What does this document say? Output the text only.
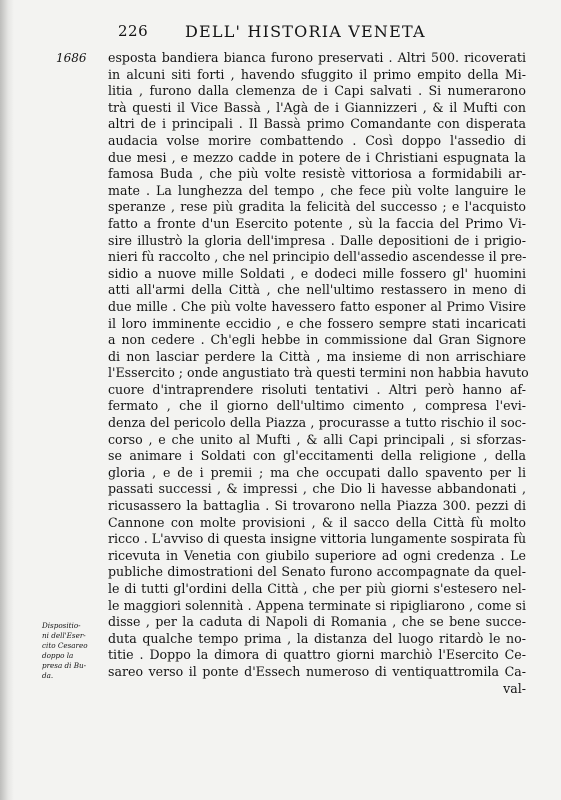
226 DELL' HISTORIA VENETA
1686 esposta bandiera bianca furono preservati . Altri 500. ricoverati
in alcuni siti forti , havendo sfuggito il primo empito della Mi-
litia , furono dalla clemenza de i Capi salvati . Si numerarono
trà questi il Vice Bassà , l'Agà de i Giannizzeri , & il Mufti con
altri de i principali . Il Bassà primo Comandante con disperata
audacia volse morire combattendo . Così doppo l'assedio di
due mesi , e mezzo cadde in potere de i Christiani espugnata la
famosa Buda , che più volte resistè vittoriosa a formidabili ar-
mate . La lunghezza del tempo , che fece più volte languire le
speranze , rese più gradita la felicità del successo ; e l'acquisto
fatto a fronte d'un Esercito potente , sù la faccia del Primo Vi-
sire illustrò la gloria dell'impresa . Dalle depositioni de i prigio-
nieri fù raccolto , che nel principio dell'assedio ascendesse il pre-
sidio a nuove mille Soldati , e dodeci mille fossero gl' huomini
atti all'armi della Città , che nell'ultimo restassero in meno di
due mille . Che più volte havessero fatto esponer al Primo Visire
il loro imminente eccidio , e che fossero sempre stati incaricati
a non cedere . Ch'egli hebbe in commissione dal Gran Signore
di non lasciar perdere la Città , ma insieme di non arrischiare
l'Essercito ; onde angustiato trà questi termini non habbia havuto
cuore d'intraprendere risoluti tentativi . Altri però hanno af-
fermato , che il giorno dell'ultimo cimento , compresa l'evi-
denza del pericolo della Piazza , procurasse a tutto rischio il soc-
corso , e che unito al Mufti , & alli Capi principali , si sforzas-
se animare i Soldati con gl'eccitamenti della religione , della
gloria , e de i premii ; ma che occupati dallo spavento per li
passati successi , & impressi , che Dio li havesse abbandonati ,
ricusassero la battaglia . Si trovarono nella Piazza 300. pezzi di
Cannone con molte provisioni , & il sacco della Città fù molto
ricco . L'avviso di questa insigne vittoria lungamente sospirata fù
ricevuta in Venetia con giubilo superiore ad ogni credenza . Le
publiche dimostrationi del Senato furono accompagnate da quel-
le di tutti gl'ordini della Città , che per più giorni s'estesero nel-
le maggiori solennità . Appena terminate si ripigliarono , come si
disse , per la caduta di Napoli di Romania , che se bene succe-
duta qualche tempo prima , la distanza del luogo ritardò le no-
titie . Doppo la dimora di quattro giorni marchiò l'Esercito Ce-
sareo verso il ponte d'Essech numeroso di ventiquattromila Ca-
val-
Dispositio-
ni dell'Eser-
cito Cesareo
doppo la
presa di Bu-
da.
